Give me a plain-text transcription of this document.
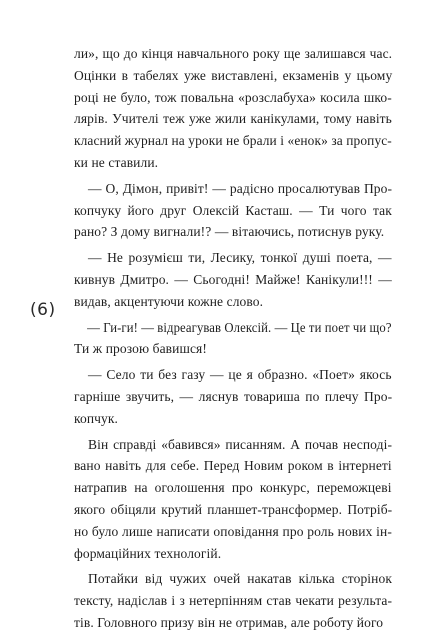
(6)

ли», що до кінця навчального року ще залишався час.
Оцінки в табелях уже виставлені, екзаменів у цьому
році не було, тож повальна «розслабуха» косила шко-
лярів. Учителі теж уже жили канікулами, тому навіть
класний журнал на уроки не брали і «енок» за пропус-
ки не ставили.

— О, Дімон, привіт! — радісно просалютував Про-
копчуку його друг Олексій Касташ. — Ти чого так
рано? З дому вигнали!? — вітаючись, потиснув руку.

— Не розумієш ти, Лесику, тонкої душі поета, —
кивнув Дмитро. — Сьогодні! Майже! Канікули!!! —
видав, акцентуючи кожне слово.

— Ги-ги! — відреагував Олексій. — Це ти поет чи що?
Ти ж прозою бавишся!

— Село ти без газу — це я образно. «Поет» якось
гарніше звучить, — ляснув товариша по плечу Про-
копчук.

Він справді «бавився» писанням. А почав несподі-
вано навіть для себе. Перед Новим роком в інтернеті
натрапив на оголошення про конкурс, переможцеві
якого обіцяли крутий планшет-трансформер. Потріб-
но було лише написати оповідання про роль нових ін-
формаційних технологій.

Потайки від чужих очей накатав кілька сторінок
тексту, надіслав і з нетерпінням став чекати результа-
тів. Головного призу він не отримав, але роботу його
